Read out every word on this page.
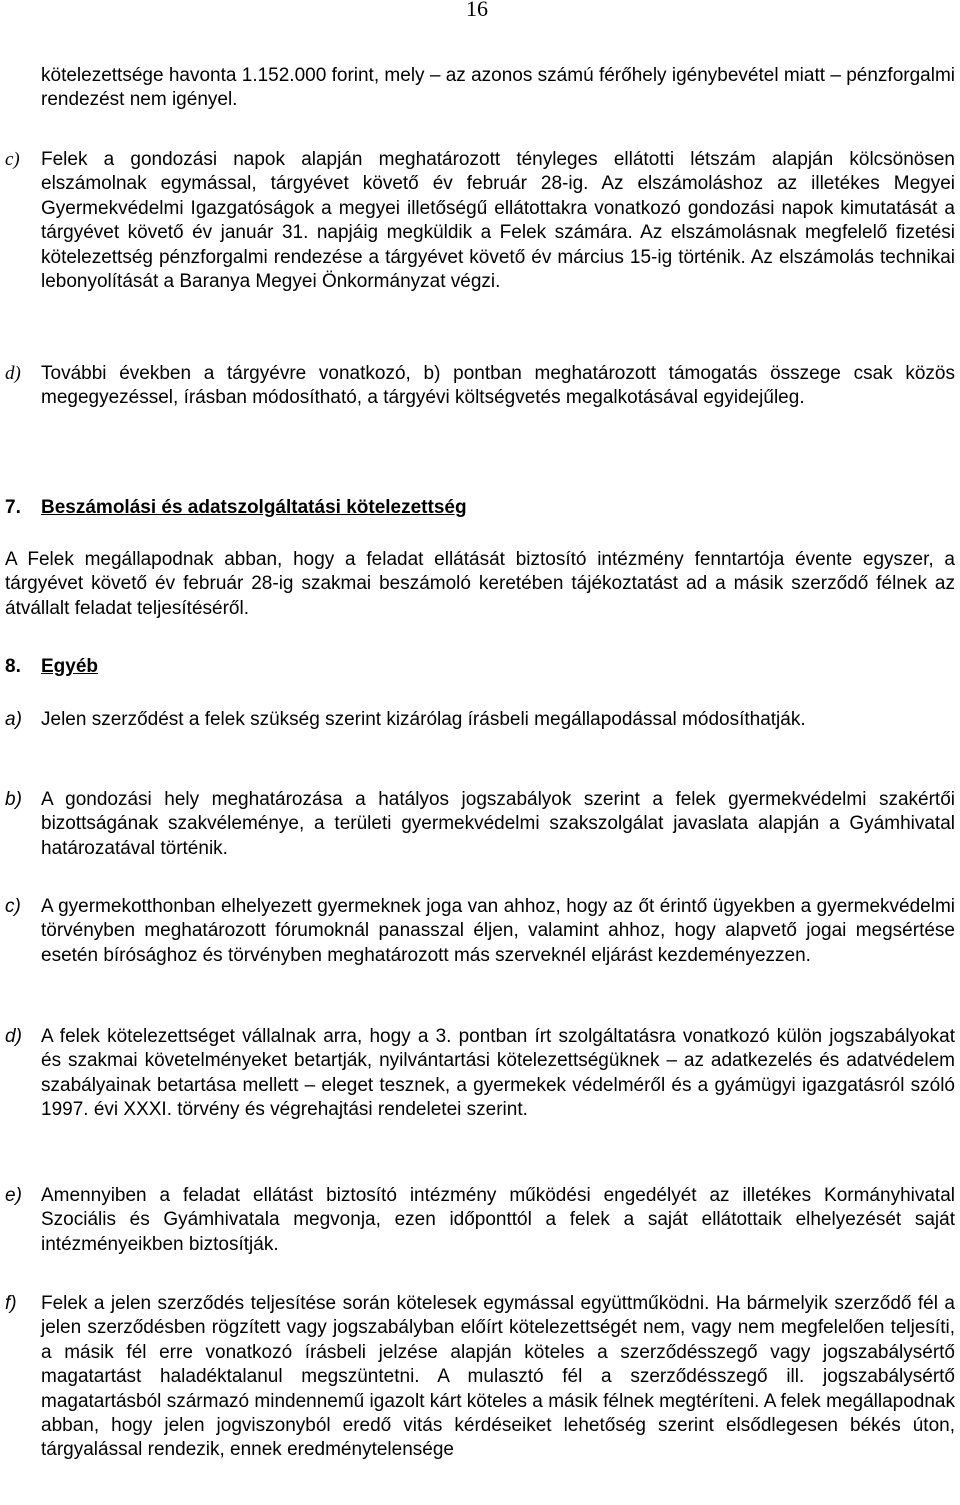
16
kötelezettsége havonta 1.152.000 forint, mely – az azonos számú férőhely igénybevétel miatt – pénzforgalmi rendezést nem igényel.
c) Felek a gondozási napok alapján meghatározott tényleges ellátotti létszám alapján kölcsönösen elszámolnak egymással, tárgyévet követő év február 28-ig. Az elszámoláshoz az illetékes Megyei Gyermekvédelmi Igazgatóságok a megyei illetőségű ellátottakra vonatkozó gondozási napok kimutatását a tárgyévet követő év január 31. napjáig megküldik a Felek számára. Az elszámolásnak megfelelő fizetési kötelezettség pénzforgalmi rendezése a tárgyévet követő év március 15-ig történik. Az elszámolás technikai lebonyolítását a Baranya Megyei Önkormányzat végzi.
d) További években a tárgyévre vonatkozó, b) pontban meghatározott támogatás összege csak közös megegyezéssel, írásban módosítható, a tárgyévi költségvetés megalkotásával egyidejűleg.
7. Beszámolási és adatszolgáltatási kötelezettség
A Felek megállapodnak abban, hogy a feladat ellátását biztosító intézmény fenntartója évente egyszer, a tárgyévet követő év február 28-ig szakmai beszámoló keretében tájékoztatást ad a másik szerződő félnek az átvállalt feladat teljesítéséről.
8. Egyéb
a) Jelen szerződést a felek szükség szerint kizárólag írásbeli megállapodással módosíthatják.
b) A gondozási hely meghatározása a hatályos jogszabályok szerint a felek gyermekvédelmi szakértői bizottságának szakvéleménye, a területi gyermekvédelmi szakszolgálat javaslata alapján a Gyámhivatal határozatával történik.
c) A gyermekotthonban elhelyezett gyermeknek joga van ahhoz, hogy az őt érintő ügyekben a gyermekvédelmi törvényben meghatározott fórumoknál panasszal éljen, valamint ahhoz, hogy alapvető jogai megsértése esetén bírósághoz és törvényben meghatározott más szerveknél eljárást kezdeményezzen.
d) A felek kötelezettséget vállalnak arra, hogy a 3. pontban írt szolgáltatásra vonatkozó külön jogszabályokat és szakmai követelményeket betartják, nyilvántartási kötelezettségüknek – az adatkezelés és adatvédelem szabályainak betartása mellett – eleget tesznek, a gyermekek védelméről és a gyámügyi igazgatásról szóló 1997. évi XXXI. törvény és végrehajtási rendeletei szerint.
e) Amennyiben a feladat ellátást biztosító intézmény működési engedélyét az illetékes Kormányhivatal Szociális és Gyámhivatala megvonja, ezen időponttól a felek a saját ellátottaik elhelyezését saját intézményeikben biztosítják.
f) Felek a jelen szerződés teljesítése során kötelesek egymással együttműködni. Ha bármelyik szerződő fél a jelen szerződésben rögzített vagy jogszabályban előírt kötelezettségét nem, vagy nem megfelelően teljesíti, a másik fél erre vonatkozó írásbeli jelzése alapján köteles a szerződésszegő vagy jogszabálysértő magatartást haladéktalanul megszüntetni. A mulasztó fél a szerződésszegő ill. jogszabálysértő magatartásból származó mindennemű igazolt kárt köteles a másik félnek megtéríteni. A felek megállapodnak abban, hogy jelen jogviszonyból eredő vitás kérdéseiket lehetőség szerint elsődlegesen békés úton, tárgyalással rendezik, ennek eredménytelensége
